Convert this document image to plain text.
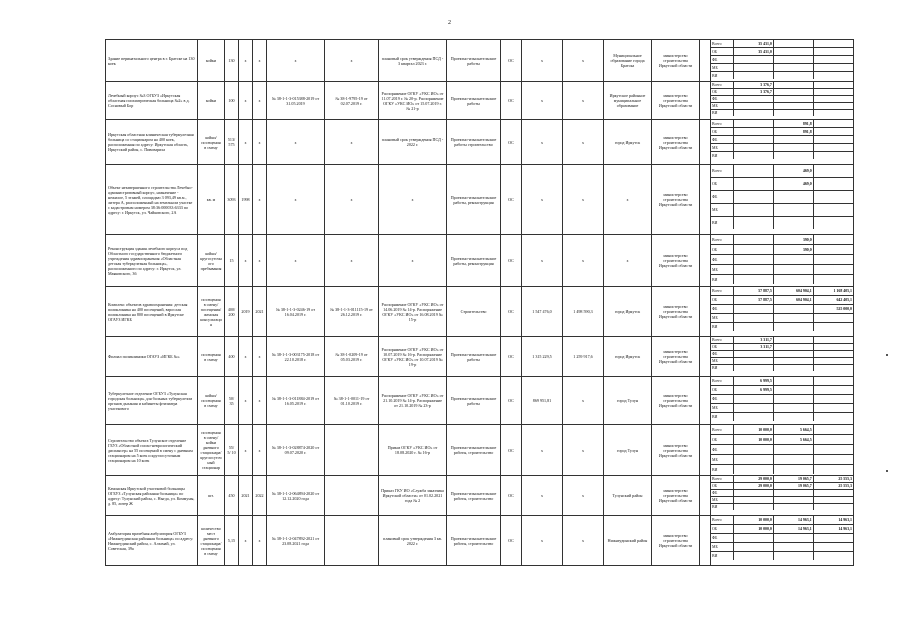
2
Здание перинатального центра в г. Братске на 130 коек	койки	130	x	x	x	x	плановый срок утверждения ПСД - 3 квартал 2023 г.	Проектно-изыскательские работы	ОС	x	x	Муниципальное образование города Братска	министерство строительства Иркутской области		
Всего	35 431,0		
ОБ	35 431,0		
ФБ			
МБ			
ВИ			

Лечебный корпус №3 ОГБУЗ «Иркутская областная психиатрическая больница №2» в д. Сосновый Бор	койки	100	x	x	№ 38-1-1-3-015388-2019 от 31.05.2019	№ 38-1-9795-19 от 02.07.2019 г.	Распоряжение ОГКУ «УКС ИО» от 11.07.2019 г. № 20-р. Распоряжение ОГКУ «УКС ИО» от 15.07.2019 г. № 21-р	Проектно-изыскательские работы	ОС	x	x	Иркутское районное муниципальное образование	министерство строительства Иркутской области		
Всего	3 376,7		
ОБ	3 376,7		
ФБ			
МБ			
ВИ			

Иркутская областная клиническая туберкулезная больница со стационаром на 400 коек, расположенная по адресу: Иркутская область, Иркутский район, с. Пивовариха	койки/ посещения в смену	513/ 575	x	x	x	x	плановый срок утверждения ПСД - 2022 г.	Проектно-изыскательские работы строительство	ОС	x	x	город Иркутск	министерство строительства Иркутской области		
Всего		891,8	
ОБ		891,8	
ФБ			
МБ			
ВИ			

Объект незавершенного строительства Лечебно-административный корпус, назначение - нежилое, 5 этажей, площадью 3 093,49 кв.м., литера А, расположенный на земельном участке с кадастровым номером 38:36:000033:6333 по адресу: г. Иркутск, ул. Чайковского, 2А	кв. м	3093	1998	x	x	x	x	Проектно-изыскательские работы, реконструкция	ОС	x	x	x	министерство строительства Иркутской области		
Всего		469,0	
ОБ		469,0	
ФБ			
МБ			
ВИ			

Реконструкция здания лечебного корпуса под Областного государственного бюджетного учреждения здравоохранения «Областная детская туберкулезная больница», расположенного по адресу: г. Иркутск, ул. Маяковского, 36	койки/ кругосуточного пребывания	15	x	x	x	x	x	Проектно-изыскательские работы, реконструкция	ОС	x	x	x	министерство строительства Иркутской области		
Всего		390,0	
ОБ		390,0	
ФБ			
МБ			
ВИ			

Комплекс объектов здравоохранения: детская поликлиника на 400 посещений, взрослая поликлиника на 800 посещений в Иркутске ОГАУЗ ИГКБ	посещения в смену/ посещения/ женская консультация	400/ 200	2019	2021	№ 38-1-1-3-0246-19 от 16.04.2019 г.	№ 38-1-1-3-011115-19 от 26.12.2019 г.	Распоряжение ОГКУ «УКС ИО» от 14.06.2019 № 14-р. Распоряжение ОГКУ «УКС ИО» от 16.08.2019 № 15-р	Строительство	ОС	1 547 476,0	1 498 590,3	город Иркутск	министерство строительства Иркутской области		
Всего	57 887,5	604 904,1	1 168 405,1
ОБ	57 887,5	604 904,1	642 405,1
ФБ			525 000,0
МБ			
ВИ			

Филиал поликлиники ОГАУЗ «ИГКБ №»	посещения в смену	400	x	x	№ 38-1-1-3-003175-2018 от 22.10.2018 г.	№ 38-1-0209-19 от 05.03.2019 г.	Распоряжение ОГКУ «УКС ИО» от 10.07.2019 № 16-р. Распоряжение ОГКУ «УКС ИО» от 10.07.2019 № 19-р	Проектно-изыскательские работы	ОС	1 315 229,5	1 259 917,6	город Иркутск	министерство строительства Иркутской области		
Всего	3 311,7		
ОБ	3 311,7		
ФБ			
МБ			
ВИ			

Туберкулезное отделение ОГБУЗ «Тулунская городская больница» для больных туберкулезом органов дыхания и кабинеты фтизиатра участкового	койки/ посещения в смену	50/ 35	x	x	№ 38-1-1-3-011884-2019 от 16.05.2019 г.	№ 38-1-1-0011-19 от 01.10.2019 г.	Распоряжение ОГКУ «УКС ИО» от 21.10.2019 № 14-р. Распоряжение от 21.10.2019 № 23-р	Проектно-изыскательские работы	ОС	869 951,81	x	город Тулун	министерство строительства Иркутской области		
Всего	6 999,5		
ОБ	6 999,5		
ФБ			
МБ			
ВИ			

Строительство объекта Тулунское отделение ГБУЗ «Областной психо-неврологический диспансер» на 55 посещений в смену с дневным стационаром на 5 коек и круглосуточным стационаром на 10 коек	посещения в смену/койки дневного стационара/ круглосуточный стационар	55/ 5/ 10	x	x	№ 38-1-1-3-028874-2020 от 09.07.2020 г.		Приказ ОГКУ «УКС ИО» от 18.08.2020 г. № 16-р	Проектно-изыскательские работы, строительство	ОС	x	x	город Тулун	министерство строительства Иркутской области		
Всего	10 000,0	5 664,5	
ОБ	10 000,0	5 664,5	
ФБ			
МБ			
ВИ			

Качинская Иркутской участковой больницы ОГБУЗ «Тулунская районная больница» по адресу: Тулунский район, с. Ныгда, ул. Коммуны, д. 85, литер Ж	шт.	450	2021	2022	№ 38-1-1-2-064894-2020 от 12.12.2020 года		Приказ ГКУ ИО «Служба заказчика Иркутской области» от 01.02.2021 года № 2	Проектно-изыскательские работы, строительство	ОС	x	x	Тулунский район	министерство строительства Иркутской области		
Всего	29 000,0	19 065,7	25 555,3
ОБ	29 000,0	19 065,7	25 555,3
ФБ			
МБ			
ВИ			

Амбулатория врачебная амбулатория ОГБУЗ «Нижнеудинская районная больница» по адресу: Нижнеудинский район, с. Алзамай, ул. Советская, 39а	количество мест дневного стационара/ посещения в смену	5,15	x	x	№ 38-1-1-2-047892-2021 от 23.08.2021 года		плановый срок утверждения 3 кв. 2022 г.	Проектно-изыскательские работы, строительство	ОС	x	x	Нижнеудинский район	министерство строительства Иркутской области		
Всего	10 000,0	14 963,1	14 963,1
ОБ	10 000,0	14 963,1	14 963,1
ФБ			
МБ			
ВИ			
